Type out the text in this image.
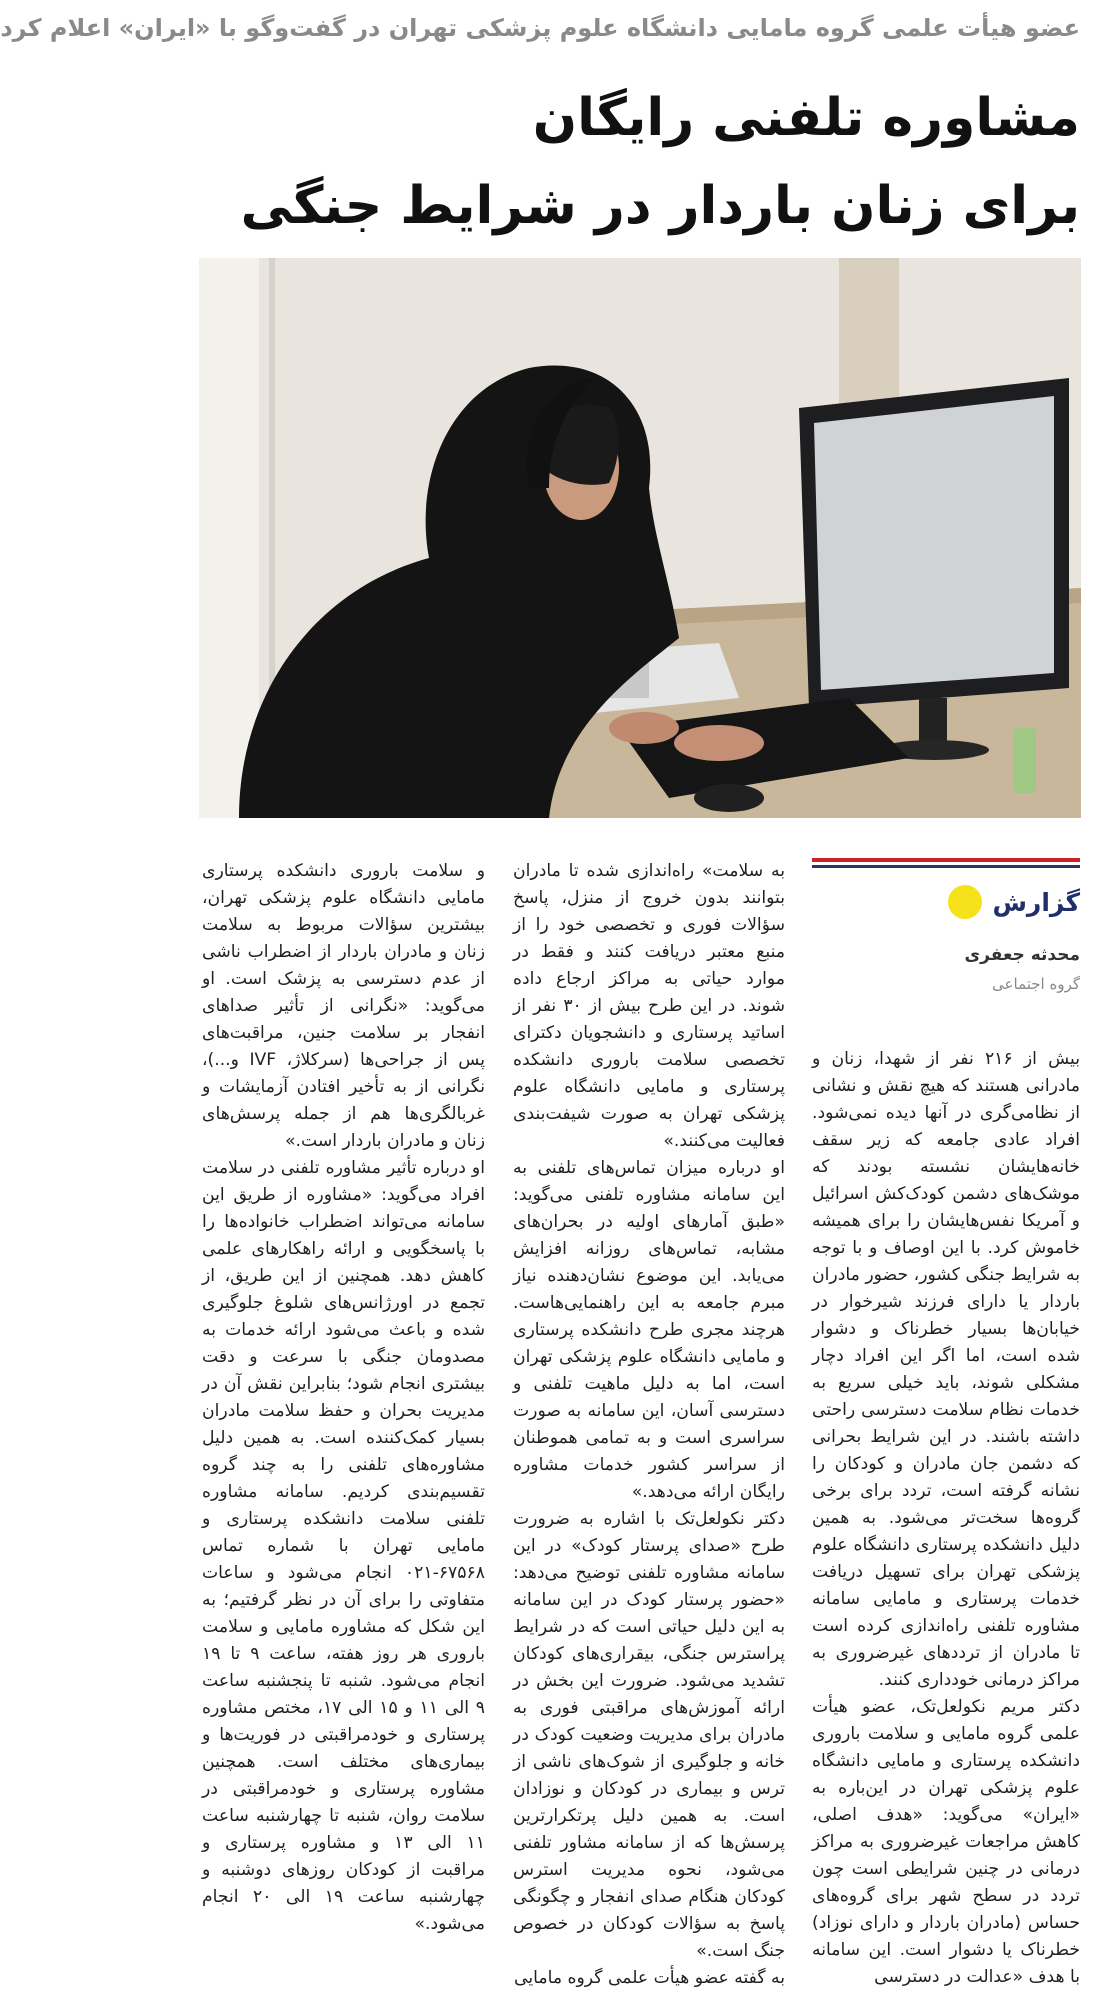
عضو هیأت علمی گروه مامایی دانشگاه علوم پزشکی تهران در گفت‌وگو با «ایران» اعلام کرد
مشاوره تلفنی رایگان
برای زنان باردار در شرایط جنگی
گزارش
محدثه جعفری
گروه اجتماعی

بیش از ۲۱۶ نفر از شهدا، زنان و مادرانی هستند که هیچ نقش و نشانی از نظامی‌گری در آنها دیده نمی‌شود. افراد عادی جامعه که زیر سقف خانه‌هایشان نشسته بودند که موشک‌های دشمن کودک‌کش اسرائیل و آمریکا نفس‌هایشان را برای همیشه خاموش کرد. با این اوصاف و با توجه به شرایط جنگی کشور، حضور مادران باردار یا دارای فرزند شیرخوار در خیابان‌ها بسیار خطرناک و دشوار شده است، اما اگر این افراد دچار مشکلی شوند، باید خیلی سریع به خدمات نظام سلامت دسترسی راحتی داشته باشند. در این شرایط بحرانی که دشمن جان مادران و کودکان را نشانه گرفته است، تردد برای برخی گروه‌ها سخت‌تر می‌شود. به همین دلیل دانشکده پرستاری دانشگاه علوم پزشکی تهران برای تسهیل دریافت خدمات پرستاری و مامایی سامانه مشاوره تلفنی راه‌اندازی کرده است تا مادران از ترددهای غیرضروری به مراکز درمانی خودداری کنند.

دکتر مریم نکولعل‌تک، عضو هیأت علمی گروه مامایی و سلامت باروری دانشکده پرستاری و مامایی دانشگاه علوم پزشکی تهران در این‌باره به «ایران» می‌گوید: «هدف اصلی، کاهش مراجعات غیرضروری به مراکز درمانی در چنین شرایطی است چون تردد در سطح شهر برای گروه‌های حساس (مادران باردار و دارای نوزاد) خطرناک یا دشوار است. این سامانه با هدف «عدالت در دسترسی

به سلامت» راه‌اندازی شده تا مادران بتوانند بدون خروج از منزل، پاسخ سؤالات فوری و تخصصی خود را از منبع معتبر دریافت کنند و فقط در موارد حیاتی به مراکز ارجاع داده شوند. در این طرح بیش از ۳۰ نفر از اساتید پرستاری و دانشجویان دکترای تخصصی سلامت باروری دانشکده پرستاری و مامایی دانشگاه علوم پزشکی تهران به صورت شیفت‌بندی فعالیت می‌کنند.»

او درباره میزان تماس‌های تلفنی به این سامانه مشاوره تلفنی می‌گوید: «طبق آمارهای اولیه در بحران‌های مشابه، تماس‌های روزانه افزایش می‌یابد. این موضوع نشان‌دهنده نیاز مبرم جامعه به این راهنمایی‌هاست. هرچند مجری طرح دانشکده پرستاری و مامایی دانشگاه علوم پزشکی تهران است، اما به دلیل ماهیت تلفنی و دسترسی آسان، این سامانه به صورت سراسری است و به تمامی هموطنان از سراسر کشور خدمات مشاوره رایگان ارائه می‌دهد.»

دکتر نکولعل‌تک با اشاره به ضرورت طرح «صدای پرستار کودک» در این سامانه مشاوره تلفنی توضیح می‌دهد: «حضور پرستار کودک در این سامانه به این دلیل حیاتی است که در شرایط پراسترس جنگی، بیقراری‌های کودکان تشدید می‌شود. ضرورت این بخش در ارائه آموزش‌های مراقبتی فوری به مادران برای مدیریت وضعیت کودک در خانه و جلوگیری از شوک‌های ناشی از ترس و بیماری در کودکان و نوزادان است. به همین دلیل پرتکرارترین پرسش‌ها که از سامانه مشاور تلفنی می‌شود، نحوه مدیریت استرس کودکان هنگام صدای انفجار و چگونگی پاسخ به سؤالات کودکان در خصوص جنگ است.»

به گفته عضو هیأت علمی گروه مامایی

و سلامت باروری دانشکده پرستاری مامایی دانشگاه علوم پزشکی تهران، بیشترین سؤالات مربوط به سلامت زنان و مادران باردار از اضطراب ناشی از عدم دسترسی به پزشک است. او می‌گوید: «نگرانی از تأثیر صداهای انفجار بر سلامت جنین، مراقبت‌های پس از جراحی‌ها (سرکلاژ، IVF و...)، نگرانی از به تأخیر افتادن آزمایشات و غربالگری‌ها هم از جمله پرسش‌های زنان و مادران باردار است.»

او درباره تأثیر مشاوره تلفنی در سلامت افراد می‌گوید: «مشاوره از طریق این سامانه می‌تواند اضطراب خانواده‌ها را با پاسخگویی و ارائه راهکارهای علمی کاهش دهد. همچنین از این طریق، از تجمع در اورژانس‌های شلوغ جلوگیری شده و باعث می‌شود ارائه خدمات به مصدومان جنگی با سرعت و دقت بیشتری انجام شود؛ بنابراین نقش آن در مدیریت بحران و حفظ سلامت مادران بسیار کمک‌کننده است. به همین دلیل مشاوره‌های تلفنی را به چند گروه تقسیم‌بندی کردیم. سامانه مشاوره تلفنی سلامت دانشکده پرستاری و مامایی تهران با شماره تماس ۶۷۵۶۸-۰۲۱ انجام می‌شود و ساعات متفاوتی را برای آن در نظر گرفتیم؛ به این شکل که مشاوره مامایی و سلامت باروری هر روز هفته، ساعت ۹ تا ۱۹ انجام می‌شود. شنبه تا پنجشنبه ساعت ۹ الی ۱۱ و ۱۵ الی ۱۷، مختص مشاوره پرستاری و خودمراقبتی در فوریت‌ها و بیماری‌های مختلف است. همچنین مشاوره پرستاری و خودمراقبتی در سلامت روان، شنبه تا چهارشنبه ساعت ۱۱ الی ۱۳ و مشاوره پرستاری و مراقبت از کودکان روزهای دوشنبه و چهارشنبه ساعت ۱۹ الی ۲۰ انجام می‌شود.»
